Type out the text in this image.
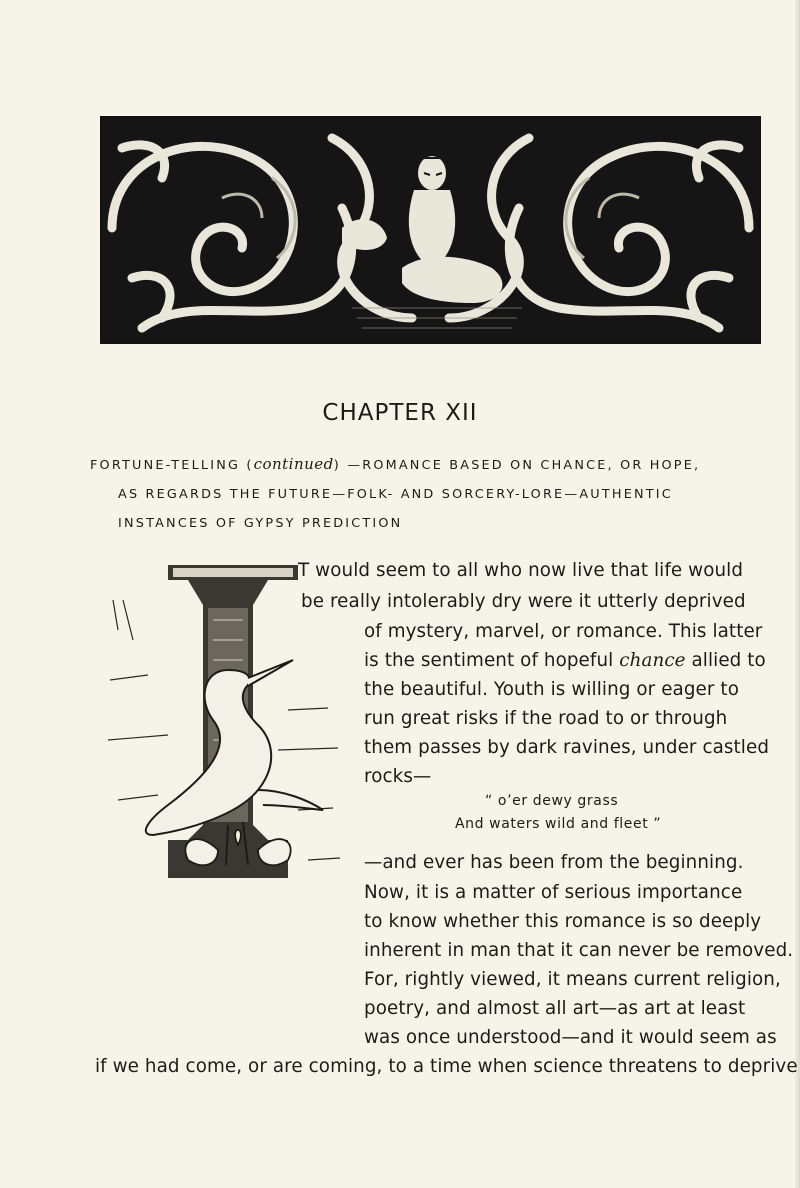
CHAPTER XII
FORTUNE-TELLING (continued) —ROMANCE BASED ON CHANCE, OR HOPE,
AS REGARDS THE FUTURE—FOLK- AND SORCERY-LORE—AUTHENTIC
INSTANCES OF GYPSY PREDICTION
T would seem to all who now live that life would
be really intolerably dry were it utterly deprived
of mystery, marvel, or romance. This latter
is the sentiment of hopeful chance allied to
the beautiful. Youth is willing or eager to
run great risks if the road to or through
them passes by dark ravines, under castled
rocks—
“ o’er dewy grass
And waters wild and fleet ”
—and ever has been from the beginning.
Now, it is a matter of serious importance
to know whether this romance is so deeply
inherent in man that it can never be removed.
For, rightly viewed, it means current religion,
poetry, and almost all art—as art at least
was once understood—and it would seem as
if we had come, or are coming, to a time when science threatens to deprive
